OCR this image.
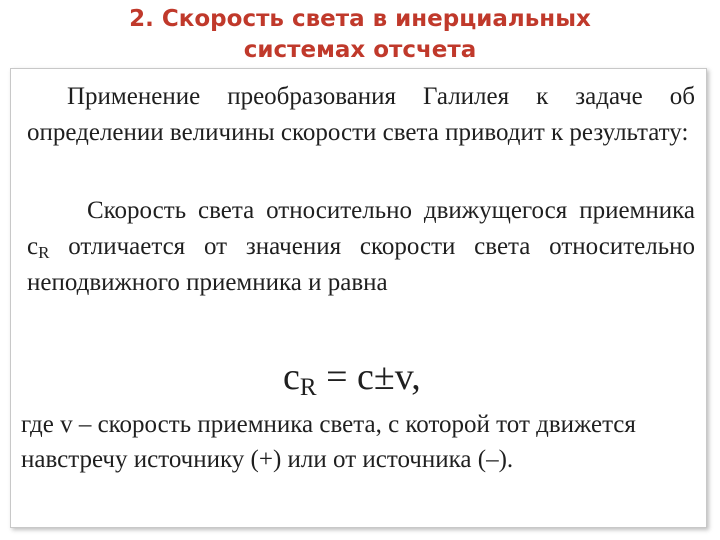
2. Скорость света в инерциальных
системах отсчета
Применение преобразования Галилея к задаче об определении величины скорости света приводит к результату:
Скорость света относительно движущегося приемника $c_R$ отличается от значения скорости света относительно неподвижного приемника и равна
$c_R = c\pm v$,
где v – скорость приемника света, с которой тот движется навстречу источнику (+) или от источника (–).
